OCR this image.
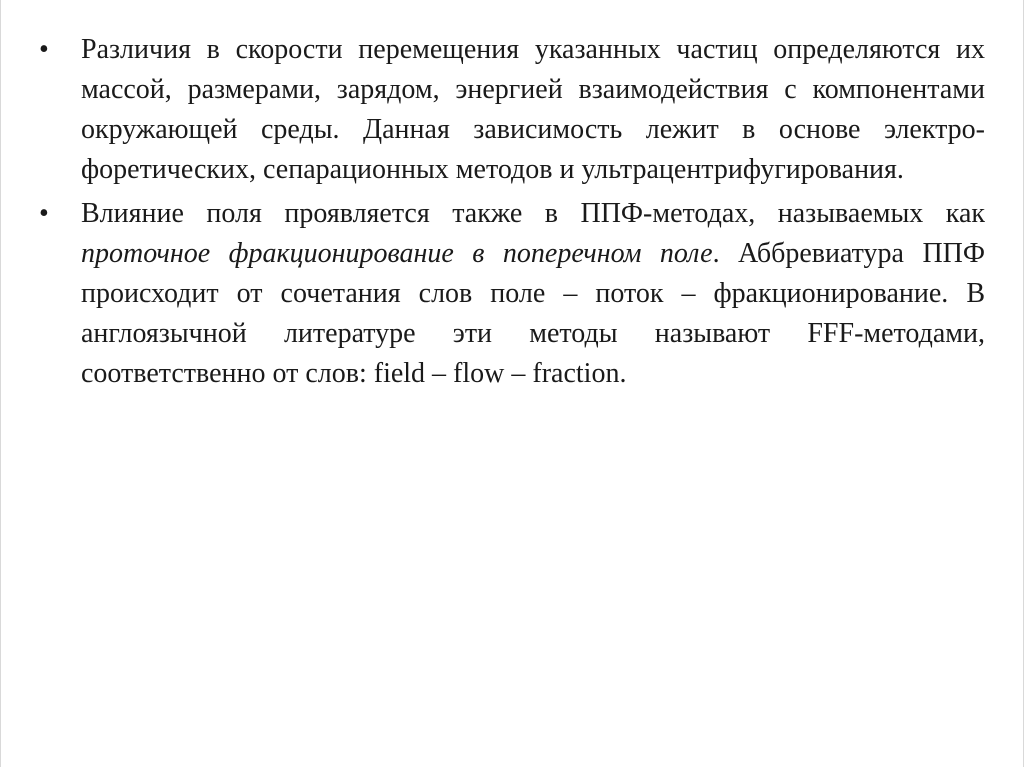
•	Различия в скорости перемещения указанных частиц определяются их массой, размерами, зарядом, энергией взаимодействия с компонентами окружающей среды. Данная зависимость лежит в основе электро-форетических, сепарационных методов и ультрацентрифугирования.
•	Влияние поля проявляется также в ППФ-методах, называемых как проточное фракционирование в поперечном поле. Аббревиатура ППФ происходит от сочетания слов поле – поток – фракционирование. В англоязычной литературе эти методы называют FFF-методами, соответственно от слов: field – flow – fraction.
